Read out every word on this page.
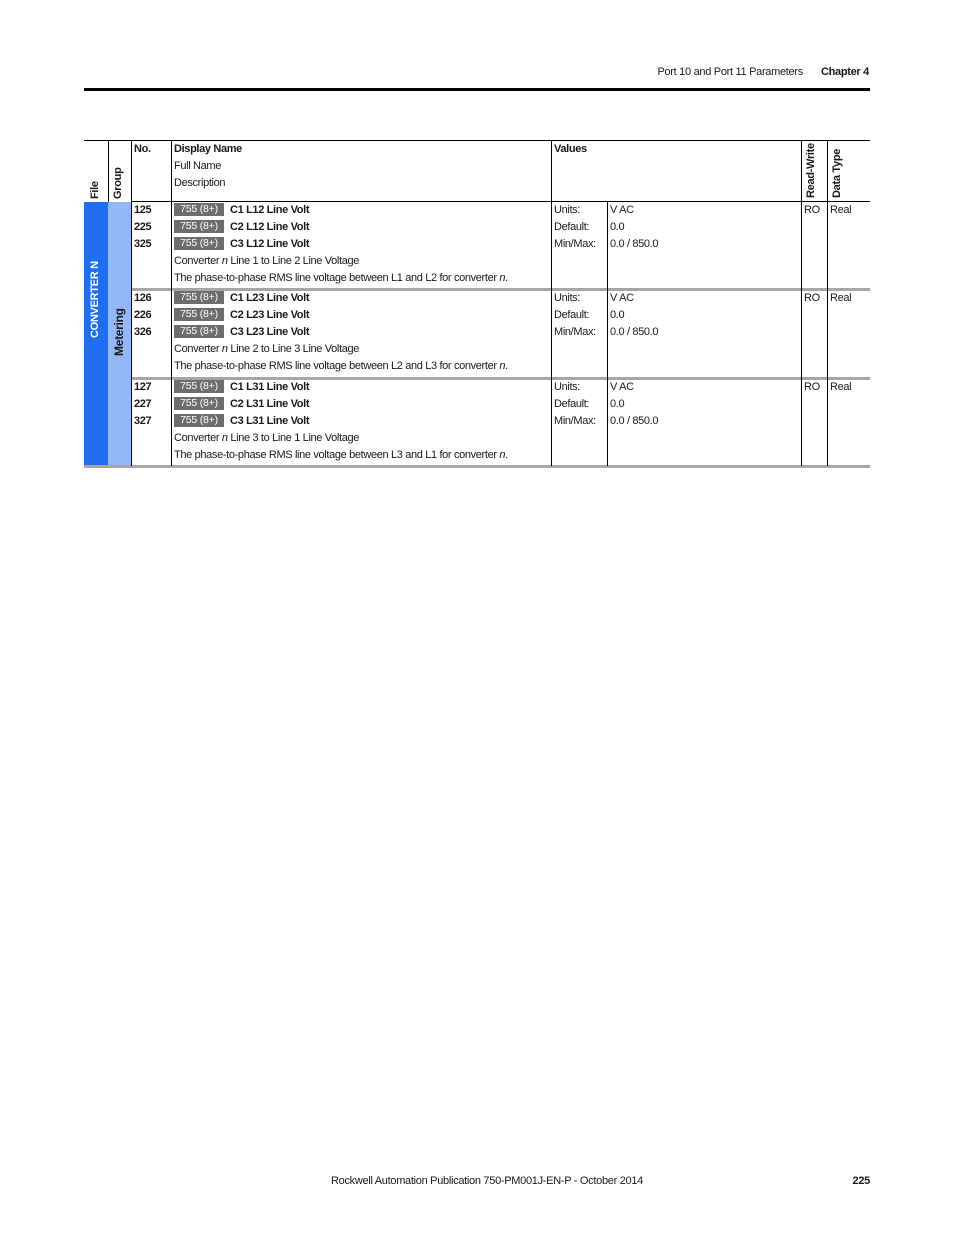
Port 10 and Port 11 Parameters Chapter 4
File Group
No. Display Name
Full Name
Description
Values	Read-Write Data Type
CONVERTER N Metering
125
225
325
755 (8+) C1 L12 Line Volt
755 (8+) C2 L12 Line Volt
755 (8+) C3 L12 Line Volt
Converter n Line 1 to Line 2 Line Voltage
The phase-to-phase RMS line voltage between L1 and L2 for converter n.
Units:
Default:
Min/Max:
V AC
0.0
0.0 / 850.0
RO Real
126
226
326
755 (8+) C1 L23 Line Volt
755 (8+) C2 L23 Line Volt
755 (8+) C3 L23 Line Volt
Converter n Line 2 to Line 3 Line Voltage
The phase-to-phase RMS line voltage between L2 and L3 for converter n.
Units:
Default:
Min/Max:
V AC
0.0
0.0 / 850.0
RO Real
127
227
327
755 (8+) C1 L31 Line Volt
755 (8+) C2 L31 Line Volt
755 (8+) C3 L31 Line Volt
Converter n Line 3 to Line 1 Line Voltage
The phase-to-phase RMS line voltage between L3 and L1 for converter n.
Units:
Default:
Min/Max:
V AC
0.0
0.0 / 850.0
RO Real
Rockwell Automation Publication 750-PM001J-EN-P - October 2014	225
